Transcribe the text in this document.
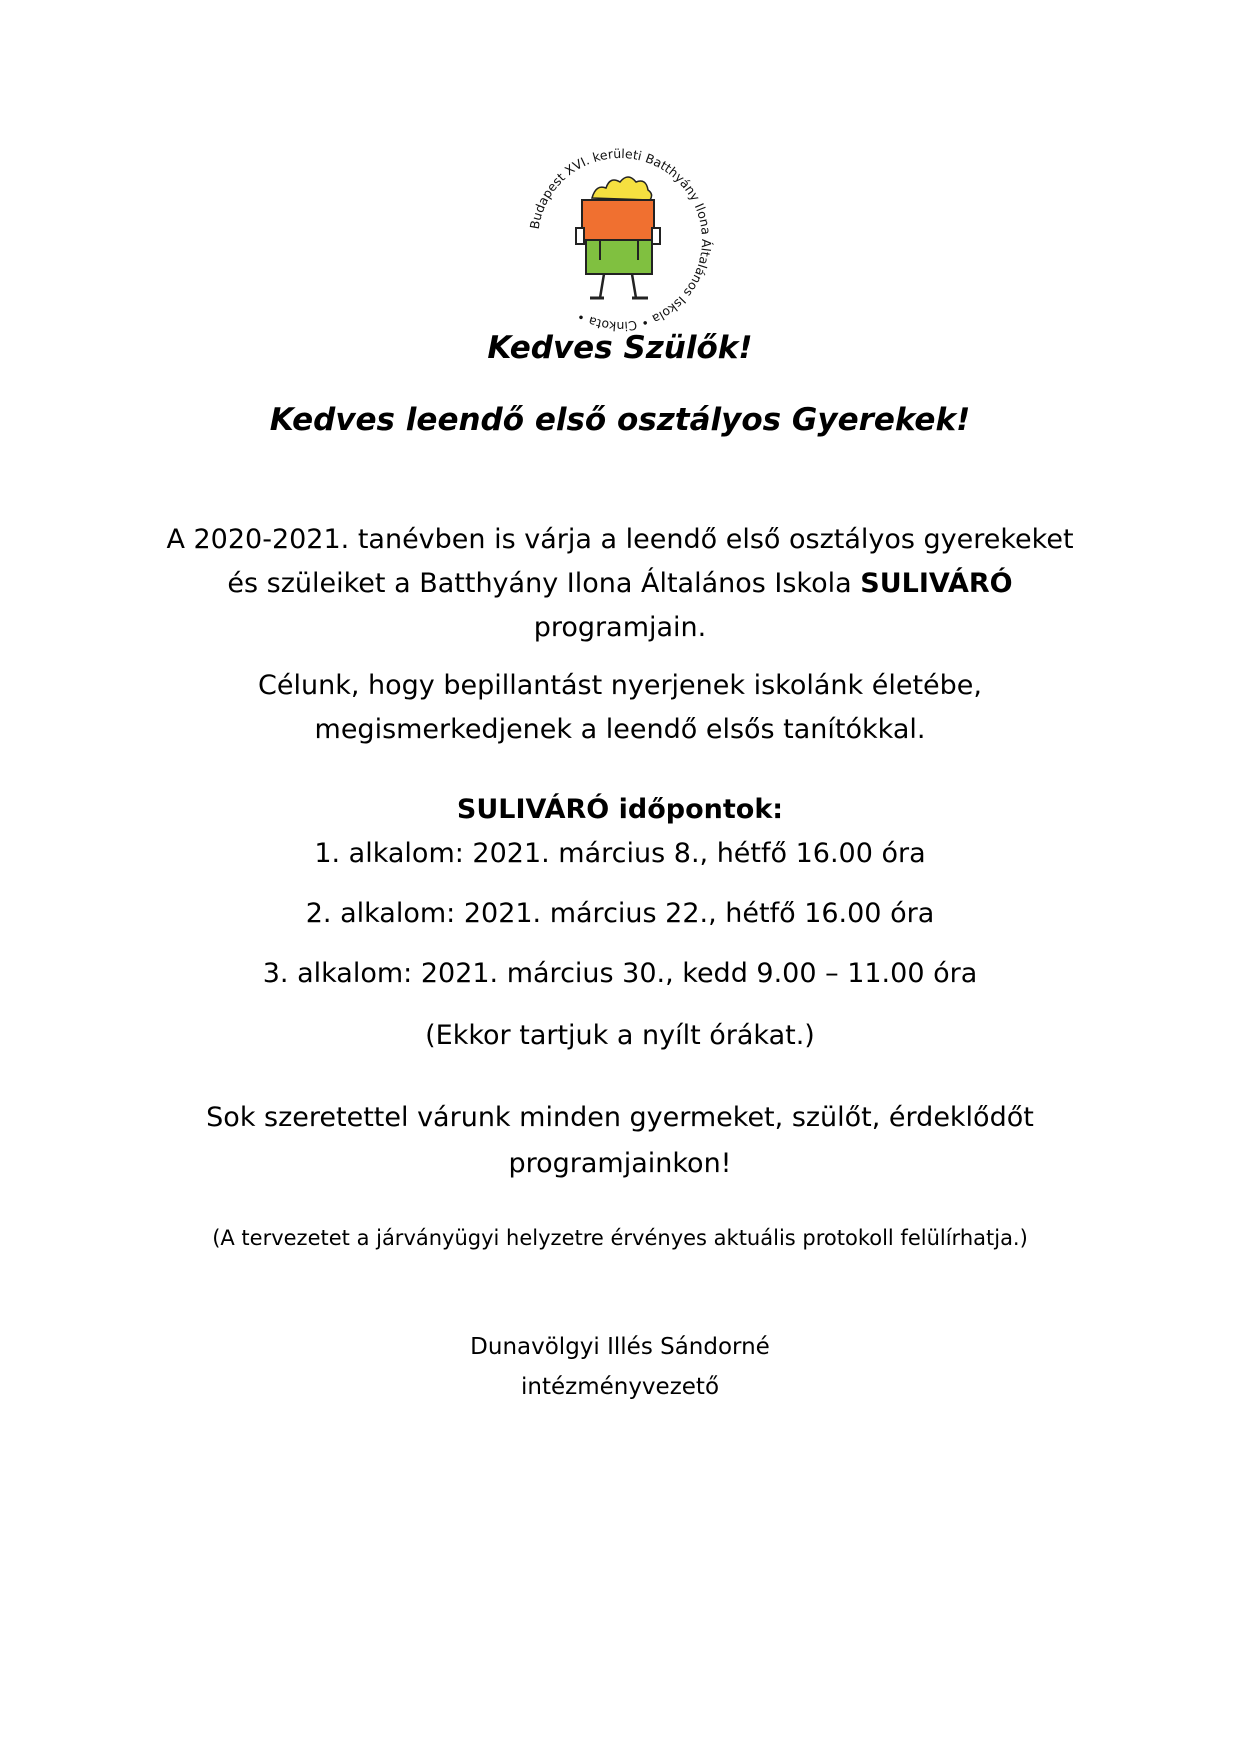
Budapest XVI. kerületi Batthyány Ilona Általános Iskola • Cinkota •
Kedves Szülők!
Kedves leendő első osztályos Gyerekek!
A 2020-2021. tanévben is várja a leendő első osztályos gyerekeket
és szüleiket a Batthyány Ilona Általános Iskola SULIVÁRÓ
programjain.
Célunk, hogy bepillantást nyerjenek iskolánk életébe,
megismerkedjenek a leendő elsős tanítókkal.
SULIVÁRÓ időpontok:
1. alkalom: 2021. március 8., hétfő 16.00 óra
2. alkalom: 2021. március 22., hétfő 16.00 óra
3. alkalom: 2021. március 30., kedd 9.00 – 11.00 óra
(Ekkor tartjuk a nyílt órákat.)
Sok szeretettel várunk minden gyermeket, szülőt, érdeklődőt
programjainkon!
(A tervezetet a járványügyi helyzetre érvényes aktuális protokoll felülírhatja.)
Dunavölgyi Illés Sándorné
intézményvezető
